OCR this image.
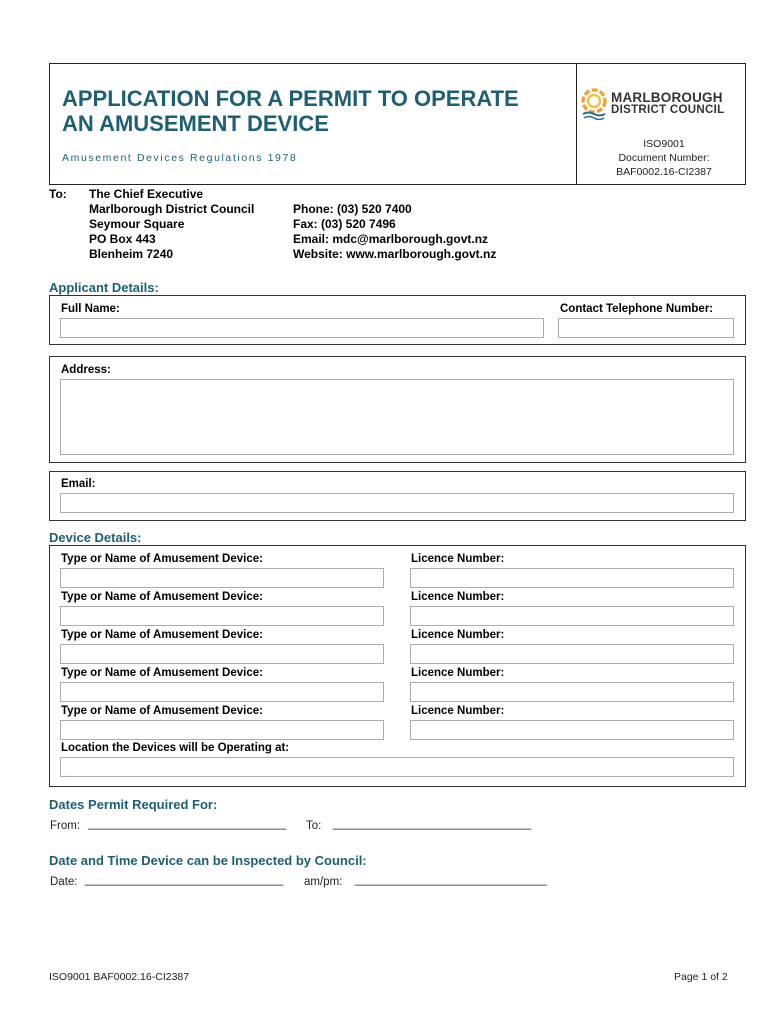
APPLICATION FOR A PERMIT TO OPERATE
AN AMUSEMENT DEVICE
Amusement Devices Regulations 1978
MARLBOROUGH
DISTRICT COUNCIL
ISO9001
Document Number:
BAF0002.16-CI2387
To: The Chief Executive
Marlborough District Council
Seymour Square
PO Box 443
Blenheim 7240
Phone: (03) 520 7400
Fax: (03) 520 7496
Email: mdc@marlborough.govt.nz
Website: www.marlborough.govt.nz
Applicant Details:
Full Name:	Contact Telephone Number:
Address:
Email:
Device Details:
Type or Name of Amusement Device:	Licence Number:
Type or Name of Amusement Device:	Licence Number:
Type or Name of Amusement Device:	Licence Number:
Type or Name of Amusement Device:	Licence Number:
Type or Name of Amusement Device:	Licence Number:
Location the Devices will be Operating at:
Dates Permit Required For:
From: _______________________________ To: _______________________________
Date and Time Device can be Inspected by Council:
Date: _______________________________ am/pm: ______________________________
ISO9001 BAF0002.16-CI2387	Page 1 of 2
